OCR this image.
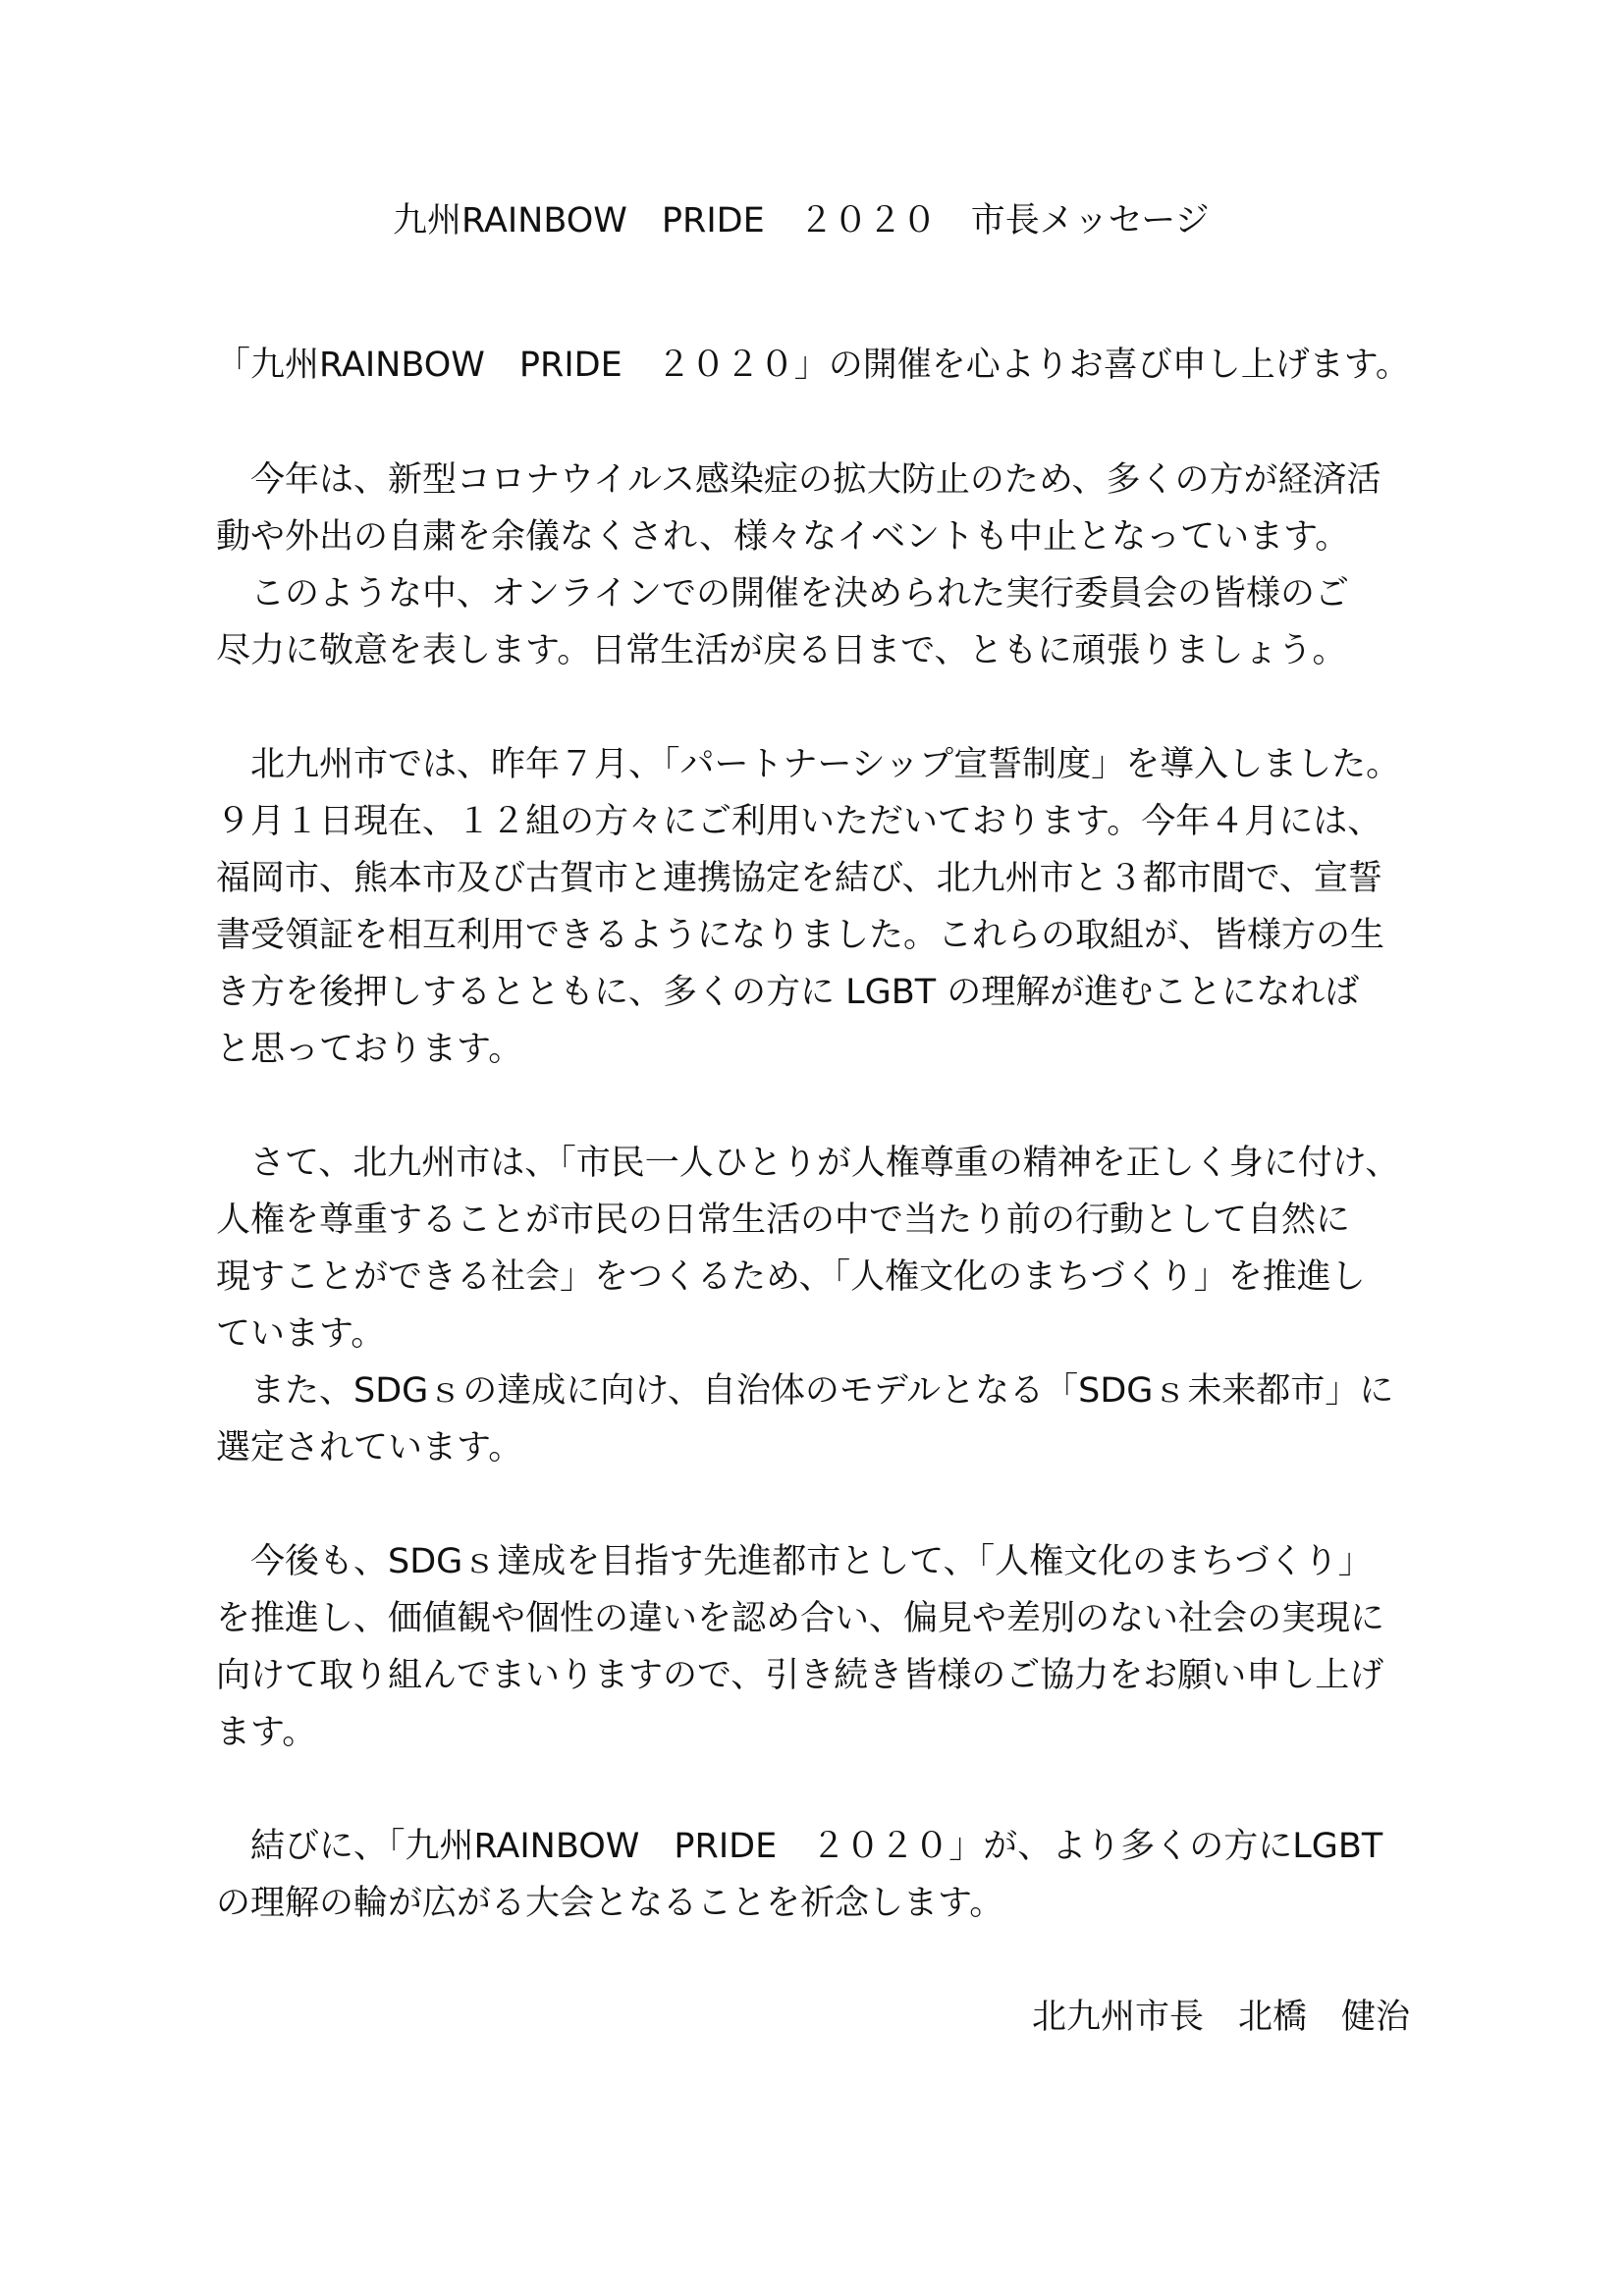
九州RAINBOW　PRIDE　２０２０　市長メッセージ

「九州RAINBOW　PRIDE　２０２０」の開催を心よりお喜び申し上げます。

　今年は、新型コロナウイルス感染症の拡大防止のため、多くの方が経済活

動や外出の自粛を余儀なくされ、様々なイベントも中止となっています。

　このような中、オンラインでの開催を決められた実行委員会の皆様のご

尽力に敬意を表します。日常生活が戻る日まで、ともに頑張りましょう。

　北九州市では、昨年７月、「パートナーシップ宣誓制度」を導入しました。

９月１日現在、１２組の方々にご利用いただいております。今年４月には、

福岡市、熊本市及び古賀市と連携協定を結び、北九州市と３都市間で、宣誓

書受領証を相互利用できるようになりました。これらの取組が、皆様方の生

き方を後押しするとともに、多くの方に LGBT の理解が進むことになれば

と思っております。

　さて、北九州市は、「市民一人ひとりが人権尊重の精神を正しく身に付け、

人権を尊重することが市民の日常生活の中で当たり前の行動として自然に

現すことができる社会」をつくるため、「人権文化のまちづくり」を推進し

ています。

　また、SDGｓの達成に向け、自治体のモデルとなる「SDGｓ未来都市」に

選定されています。

　今後も、SDGｓ達成を目指す先進都市として、「人権文化のまちづくり」

を推進し、価値観や個性の違いを認め合い、偏見や差別のない社会の実現に

向けて取り組んでまいりますので、引き続き皆様のご協力をお願い申し上げ

ます。

　結びに、「九州RAINBOW　PRIDE　２０２０」が、より多くの方にLGBT

の理解の輪が広がる大会となることを祈念します。

北九州市長　北橋　健治
